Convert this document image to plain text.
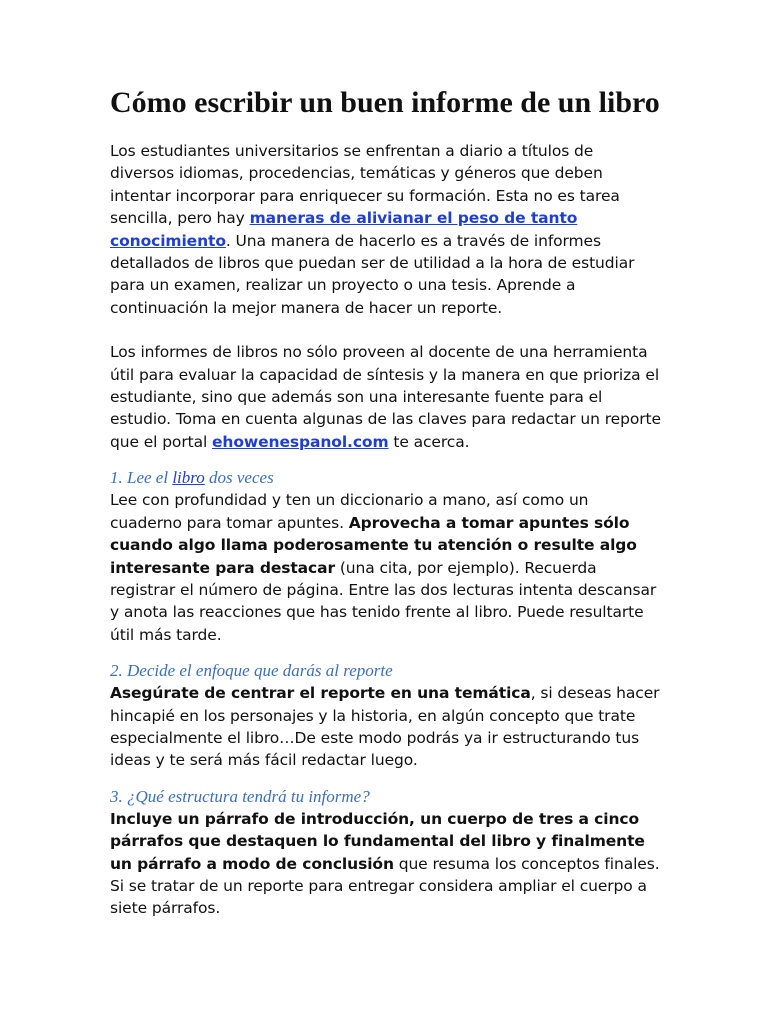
Cómo escribir un buen informe de un libro

Los estudiantes universitarios se enfrentan a diario a títulos de diversos idiomas, procedencias, temáticas y géneros que deben intentar incorporar para enriquecer su formación. Esta no es tarea sencilla, pero hay maneras de alivianar el peso de tanto conocimiento. Una manera de hacerlo es a través de informes detallados de libros que puedan ser de utilidad a la hora de estudiar para un examen, realizar un proyecto o una tesis. Aprende a continuación la mejor manera de hacer un reporte.

Los informes de libros no sólo proveen al docente de una herramienta útil para evaluar la capacidad de síntesis y la manera en que prioriza el estudiante, sino que además son una interesante fuente para el estudio. Toma en cuenta algunas de las claves para redactar un reporte que el portal ehowenespanol.com te acerca.

1. Lee el libro dos veces

Lee con profundidad y ten un diccionario a mano, así como un cuaderno para tomar apuntes. Aprovecha a tomar apuntes sólo cuando algo llama poderosamente tu atención o resulte algo interesante para destacar (una cita, por ejemplo). Recuerda registrar el número de página. Entre las dos lecturas intenta descansar y anota las reacciones que has tenido frente al libro. Puede resultarte útil más tarde.

2. Decide el enfoque que darás al reporte

Asegúrate de centrar el reporte en una temática, si deseas hacer hincapié en los personajes y la historia, en algún concepto que trate especialmente el libro…De este modo podrás ya ir estructurando tus ideas y te será más fácil redactar luego.

3. ¿Qué estructura tendrá tu informe?

Incluye un párrafo de introducción, un cuerpo de tres a cinco párrafos que destaquen lo fundamental del libro y finalmente un párrafo a modo de conclusión que resuma los conceptos finales. Si se tratar de un reporte para entregar considera ampliar el cuerpo a siete párrafos.
